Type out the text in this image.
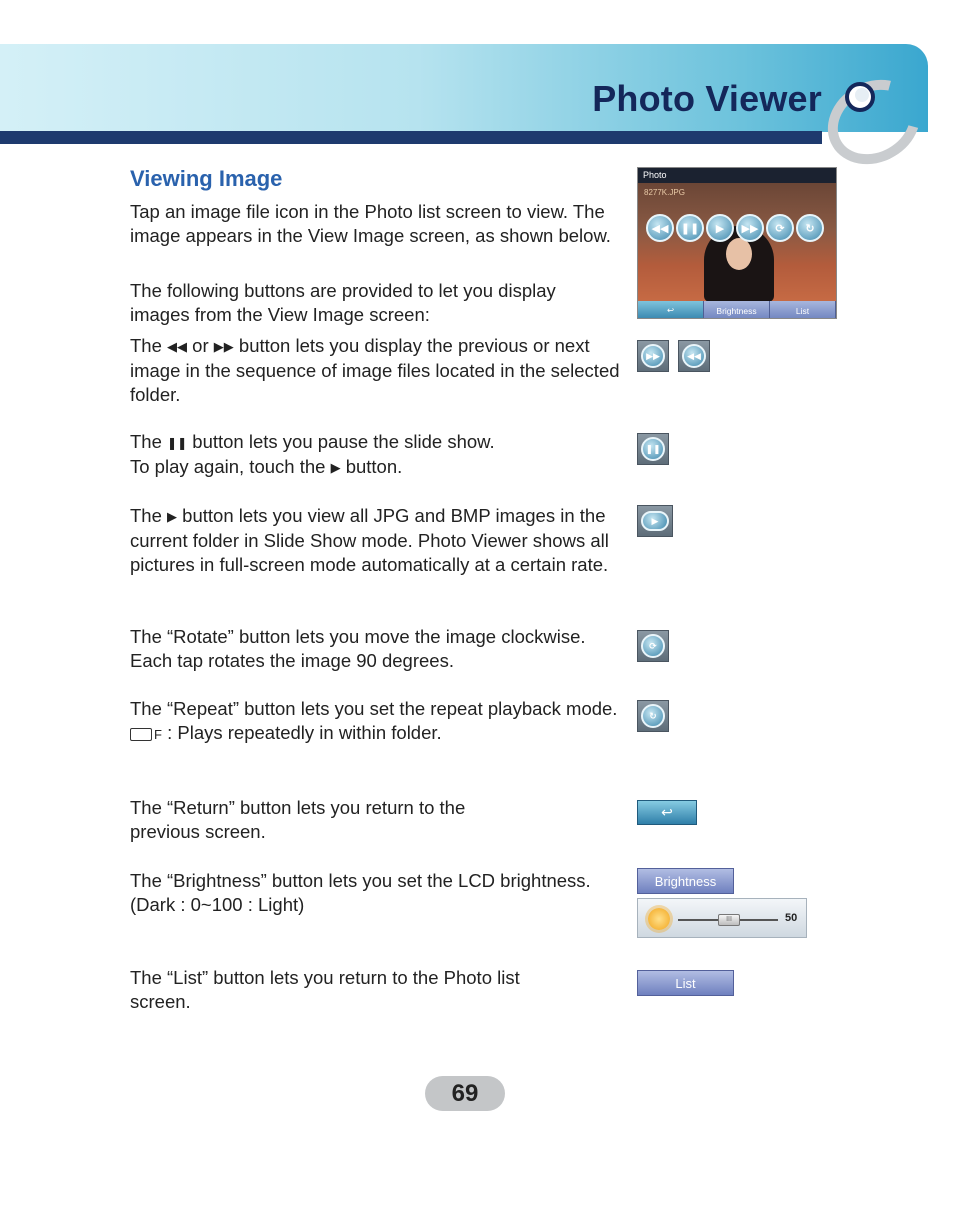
Photo Viewer
Viewing Image
Tap an image file icon in the Photo list screen to view. The image appears in the View Image screen, as shown below.
The following buttons are provided to let you display images from the View Image screen:
The ◀◀ or ▶▶ button lets you display the previous or next image in the sequence of image files located in the selected folder.
The ❚❚ button lets you pause the slide show.
To play again, touch the ▶ button.
The ▶ button lets you view all JPG and BMP images in the current folder in Slide Show mode. Photo Viewer shows all pictures in full-screen mode automatically at a certain rate.
The “Rotate” button lets you move the image clockwise. Each tap rotates the image 90 degrees.
The “Repeat” button lets you set the repeat playback mode.
F : Plays repeatedly in within folder.
The “Return” button lets you return to the
previous screen.
The “Brightness” button lets you set the LCD brightness.
(Dark : 0~100 : Light)
The “List” button lets you return to the Photo list screen.
Photo
8277K.JPG
◀◀	❚❚	▶	▶▶	⟳	↻
↩	Brightness	List
▶▶	◀◀
❚❚
▶
⟳
↻
↩
Brightness
III	50
List
69
